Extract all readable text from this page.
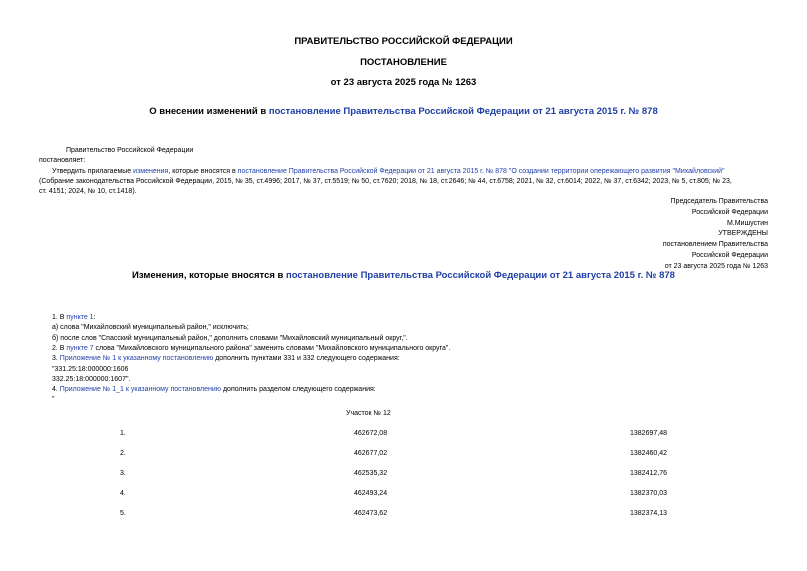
ПРАВИТЕЛЬСТВО РОССИЙСКОЙ ФЕДЕРАЦИИ
ПОСТАНОВЛЕНИЕ
от 23 августа 2025 года № 1263
О внесении изменений в постановление Правительства Российской Федерации от 21 августа 2015 г. № 878
Правительство Российской Федерации
постановляет:
Утвердить прилагаемые изменения, которые вносятся в постановление Правительства Российской Федерации от 21 августа 2015 г. № 878 "О создании территории опережающего развития "Михайловский"
(Собрание законодательства Российской Федерации, 2015, № 35, ст.4996; 2017, № 37, ст.5519; № 50, ст.7620; 2018, № 18, ст.2646; № 44, ст.6758; 2021, № 32, ст.6014; 2022, № 37, ст.6342; 2023, № 5, ст.805; № 23,
ст. 4151; 2024, № 10, ст.1418).
Председатель Правительства
Российской Федерации
М.Мишустин
УТВЕРЖДЕНЫ
постановлением Правительства
Российской Федерации
от 23 августа 2025 года № 1263
Изменения, которые вносятся в постановление Правительства Российской Федерации от 21 августа 2015 г. № 878
1. В пункте 1:
а) слова "Михайловский муниципальный район," исключить;
б) после слов "Спасский муниципальный район," дополнить словами "Михайловский муниципальный округ,".
2. В пункте 7 слова "Михайловского муниципального района" заменить словами "Михайловского муниципального округа".
3. Приложение № 1 к указанному постановлению дополнить пунктами 331 и 332 следующего содержания:
"331.25:18:000000:1606
332.25:18:000000:1607".
4. Приложение № 1_1 к указанному постановлению дополнить разделом следующего содержания:
"
Участок № 12
1.	462672,08	1382697,48
2.	462677,02	1382460,42
3.	462535,32	1382412,76
4.	462493,24	1382370,03
5.	462473,62	1382374,13
